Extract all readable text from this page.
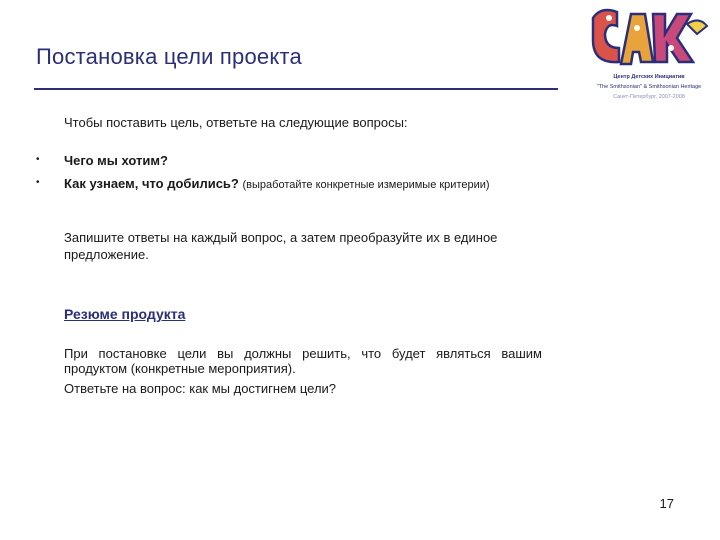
Постановка цели проекта
Центр Детских Инициатив
"The Smithsonian" & Smithsonian Heritage
Санкт-Петербург, 2007-2008
Чтобы поставить цель, ответьте на следующие вопросы:
•	Чего мы хотим?
•	Как узнаем, что добились? (выработайте конкретные измеримые критерии)
Запишите ответы на каждый вопрос, а затем преобразуйте их в единое предложение.
Резюме продукта
При постановке цели вы должны решить, что будет являться вашим продуктом (конкретные мероприятия).
Ответьте на вопрос: как мы достигнем цели?
17
